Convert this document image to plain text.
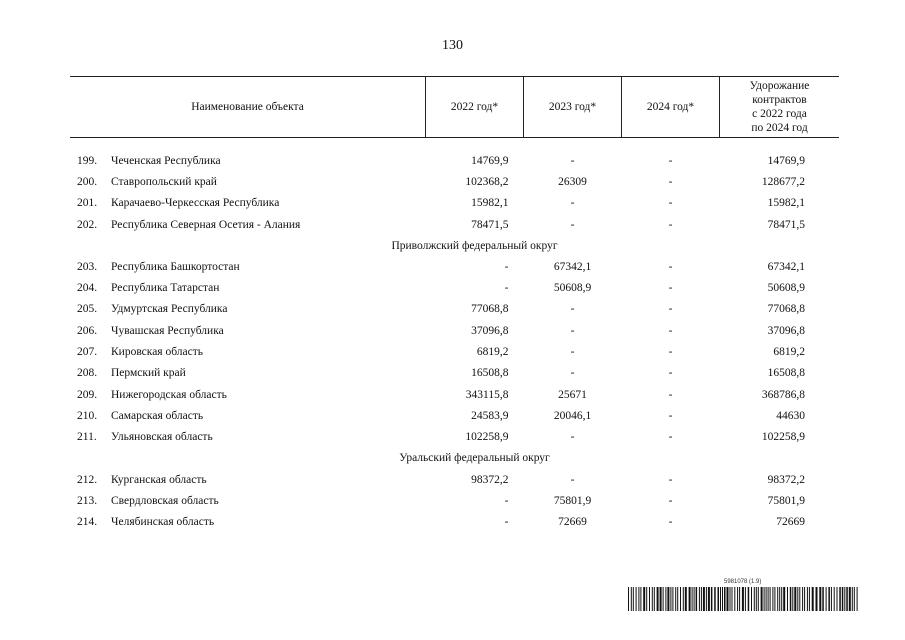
130
Наименование объекта	2022 год*	2023 год*	2024 год*	Удорожание
контрактов
с 2022 года
по 2024 год

199. Чеченская Республика	14769,9	-	-	14769,9
200. Ставропольский край	102368,2	26309	-	128677,2
201. Карачаево-Черкесская Республика	15982,1	-	-	15982,1
202. Республика Северная Осетия - Алания	78471,5	-	-	78471,5
Приволжский федеральный округ				
203. Республика Башкортостан	-	67342,1	-	67342,1
204. Республика Татарстан	-	50608,9	-	50608,9
205. Удмуртская Республика	77068,8	-	-	77068,8
206. Чувашская Республика	37096,8	-	-	37096,8
207. Кировская область	6819,2	-	-	6819,2
208. Пермский край	16508,8	-	-	16508,8
209. Нижегородская область	343115,8	25671	-	368786,8
210. Самарская область	24583,9	20046,1	-	44630
211. Ульяновская область	102258,9	-	-	102258,9
Уральский федеральный округ				
212. Курганская область	98372,2	-	-	98372,2
213. Свердловская область	-	75801,9	-	75801,9
214. Челябинская область	-	72669	-	72669
5981078 (1.9)
